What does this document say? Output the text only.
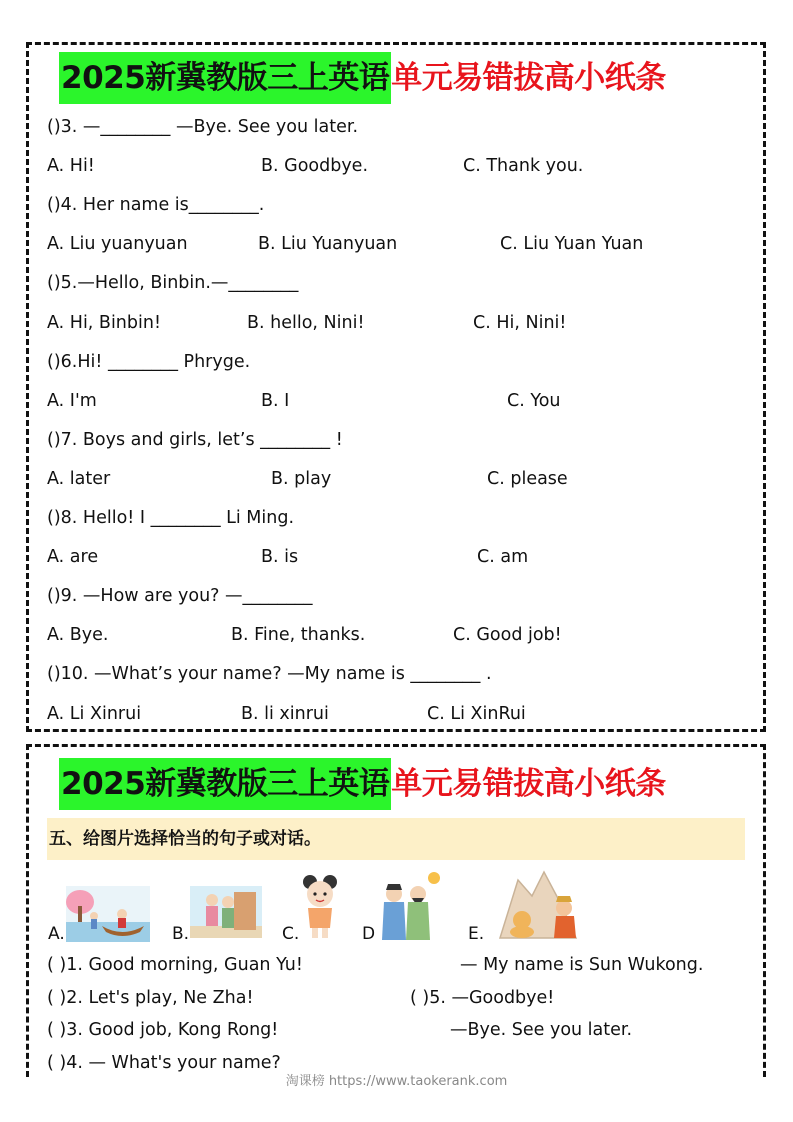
2025新冀教版三上英语单元易错拔高小纸条
()3. —________ —Bye. See you later.
A. Hi!	B. Goodbye.	C. Thank you.
()4. Her name is________.
A. Liu yuanyuan	B. Liu Yuanyuan	C. Liu Yuan Yuan
()5.—Hello, Binbin.—________
A. Hi, Binbin!	B. hello, Nini!	C. Hi, Nini!
()6.Hi! ________ Phryge.
A. I'm	B. I	C. You
()7. Boys and girls, let’s ________ !
A. later	B. play	C. please
()8. Hello! I ________ Li Ming.
A. are	B. is	C. am
()9. —How are you? —________
A. Bye.	B. Fine, thanks.	C. Good job!
()10. —What’s your name? —My name is ________ .
A. Li Xinrui	B. li xinrui	C. Li XinRui
2025新冀教版三上英语单元易错拔高小纸条
五、给图片选择恰当的句子或对话。
A.	B.	C.	D	E.
( )1. Good morning, Guan Yu!	— My name is Sun Wukong.
( )2. Let's play, Ne Zha!	( )5. —Goodbye!
( )3. Good job, Kong Rong!	—Bye. See you later.
( )4. — What's your name?
淘课榜 https://www.taokerank.com
